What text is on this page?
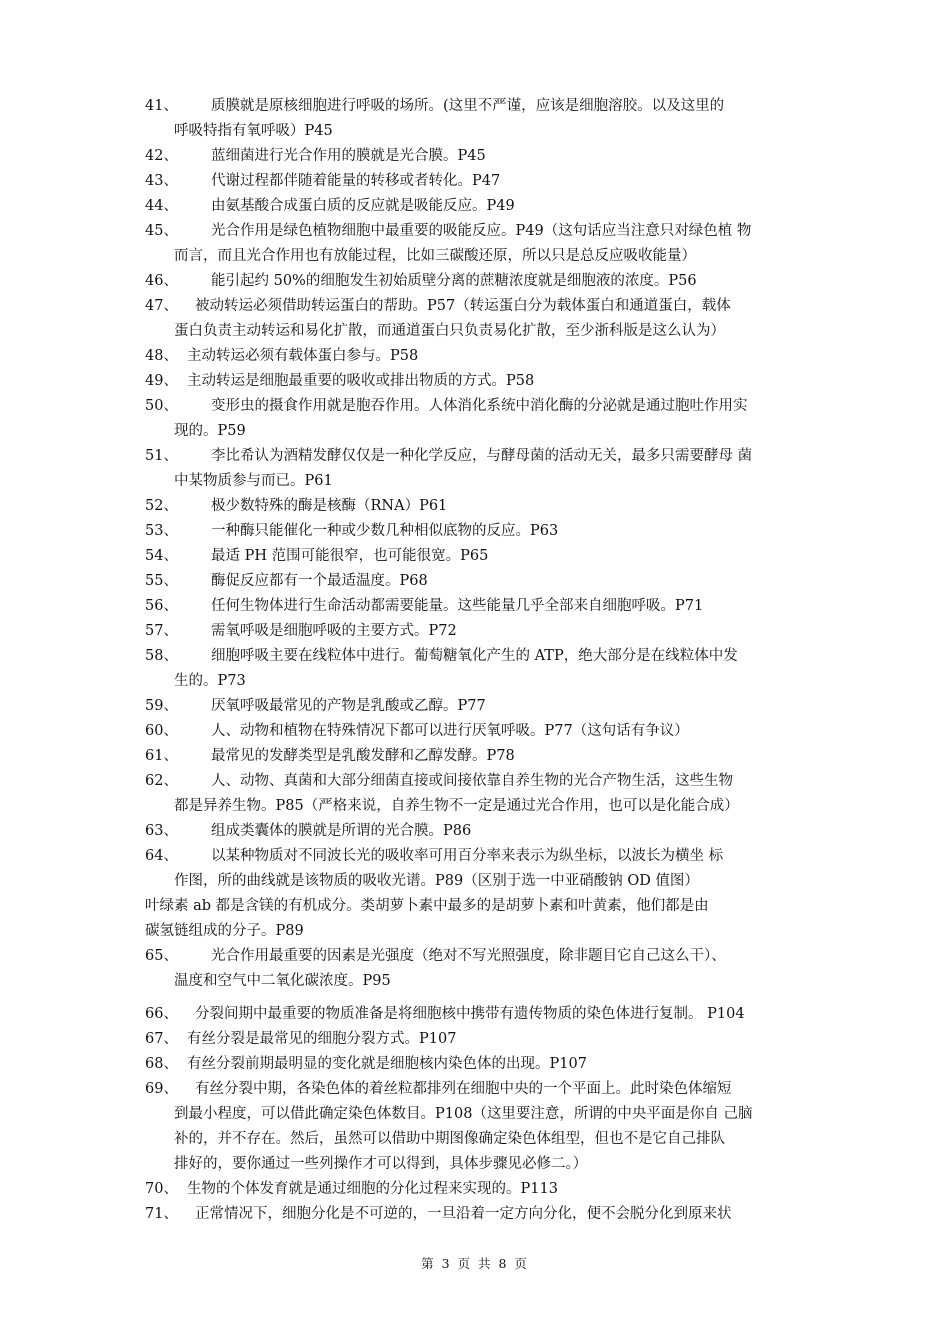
41、	质膜就是原核细胞进行呼吸的场所。(这里不严谨，应该是细胞溶胶。以及这里的
呼吸特指有氧呼吸）P45
42、	蓝细菌进行光合作用的膜就是光合膜。P45
43、	代谢过程都伴随着能量的转移或者转化。P47
44、	由氨基酸合成蛋白质的反应就是吸能反应。P49
45、	光合作用是绿色植物细胞中最重要的吸能反应。P49（这句话应当注意只对绿色植 物
而言，而且光合作用也有放能过程，比如三碳酸还原，所以只是总反应吸收能量）
46、	能引起约 50%的细胞发生初始质壁分离的蔗糖浓度就是细胞液的浓度。P56
47、	被动转运必须借助转运蛋白的帮助。P57（转运蛋白分为载体蛋白和通道蛋白，载体
蛋白负责主动转运和易化扩散，而通道蛋白只负责易化扩散，至少浙科版是这么认为）
48、 主动转运必须有载体蛋白参与。P58
49、 主动转运是细胞最重要的吸收或排出物质的方式。P58
50、	变形虫的摄食作用就是胞吞作用。人体消化系统中消化酶的分泌就是通过胞吐作用实
现的。P59
51、	李比希认为酒精发酵仅仅是一种化学反应，与酵母菌的活动无关，最多只需要酵母 菌
中某物质参与而已。P61
52、	极少数特殊的酶是核酶（RNA）P61
53、	一种酶只能催化一种或少数几种相似底物的反应。P63
54、	最适 PH 范围可能很窄，也可能很宽。P65
55、	酶促反应都有一个最适温度。P68
56、	任何生物体进行生命活动都需要能量。这些能量几乎全部来自细胞呼吸。P71
57、	需氧呼吸是细胞呼吸的主要方式。P72
58、	细胞呼吸主要在线粒体中进行。葡萄糖氧化产生的 ATP，绝大部分是在线粒体中发
生的。P73
59、	厌氧呼吸最常见的产物是乳酸或乙醇。P77
60、	人、动物和植物在特殊情况下都可以进行厌氧呼吸。P77（这句话有争议）
61、	最常见的发酵类型是乳酸发酵和乙醇发酵。P78
62、	人、动物、真菌和大部分细菌直接或间接依靠自养生物的光合产物生活，这些生物
都是异养生物。P85（严格来说，自养生物不一定是通过光合作用，也可以是化能合成）
63、	组成类囊体的膜就是所谓的光合膜。P86
64、	以某种物质对不同波长光的吸收率可用百分率来表示为纵坐标，以波长为横坐 标
作图，所的曲线就是该物质的吸收光谱。P89（区别于选一中亚硝酸钠 OD 值图）
叶绿素 ab 都是含镁的有机成分。类胡萝卜素中最多的是胡萝卜素和叶黄素，他们都是由
碳氢链组成的分子。P89
65、	光合作用最重要的因素是光强度（绝对不写光照强度，除非题目它自己这么干）、
温度和空气中二氧化碳浓度。P95
66、	分裂间期中最重要的物质准备是将细胞核中携带有遗传物质的染色体进行复制。 P104
67、 有丝分裂是最常见的细胞分裂方式。P107
68、 有丝分裂前期最明显的变化就是细胞核内染色体的出现。P107
69、	有丝分裂中期，各染色体的着丝粒都排列在细胞中央的一个平面上。此时染色体缩短
到最小程度，可以借此确定染色体数目。P108（这里要注意，所谓的中央平面是你自 己脑
补的，并不存在。然后，虽然可以借助中期图像确定染色体组型，但也不是它自己排队
排好的，要你通过一些列操作才可以得到，具体步骤见必修二。）
70、 生物的个体发育就是通过细胞的分化过程来实现的。P113
71、	正常情况下，细胞分化是不可逆的，一旦沿着一定方向分化，便不会脱分化到原来状
第 3 页 共 8 页
